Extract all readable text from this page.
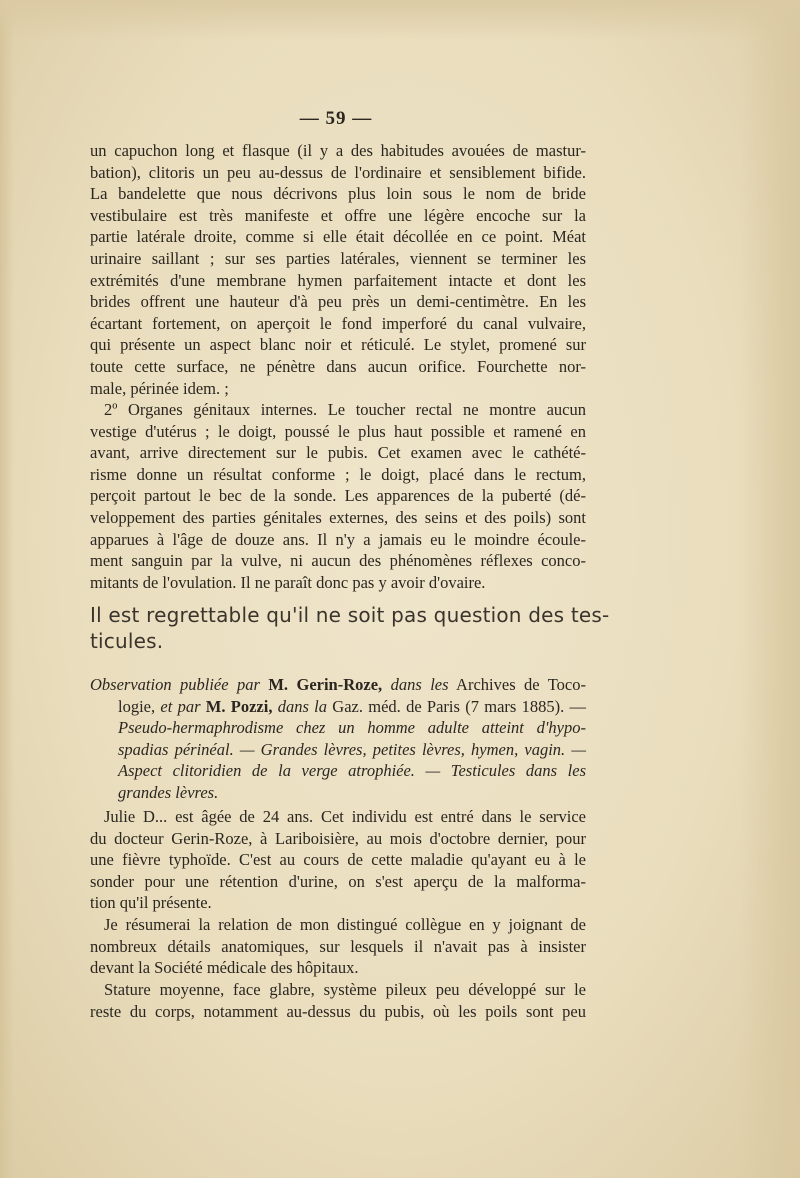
— 59 —
un capuchon long et flasque (il y a des habitudes avouées de mastur-
bation), clitoris un peu au-dessus de l'ordinaire et sensiblement bifide.
La bandelette que nous décrivons plus loin sous le nom de bride
vestibulaire est très manifeste et offre une légère encoche sur la
partie latérale droite, comme si elle était décollée en ce point. Méat
urinaire saillant ; sur ses parties latérales, viennent se terminer les
extrémités d'une membrane hymen parfaitement intacte et dont les
brides offrent une hauteur d'à peu près un demi-centimètre. En les
écartant fortement, on aperçoit le fond imperforé du canal vulvaire,
qui présente un aspect blanc noir et réticulé. Le stylet, promené sur
toute cette surface, ne pénètre dans aucun orifice. Fourchette nor-
male, périnée idem. ;
2º Organes génitaux internes. Le toucher rectal ne montre aucun
vestige d'utérus ; le doigt, poussé le plus haut possible et ramené en
avant, arrive directement sur le pubis. Cet examen avec le cathété-
risme donne un résultat conforme ; le doigt, placé dans le rectum,
perçoit partout le bec de la sonde. Les apparences de la puberté (dé-
veloppement des parties génitales externes, des seins et des poils) sont
apparues à l'âge de douze ans. Il n'y a jamais eu le moindre écoule-
ment sanguin par la vulve, ni aucun des phénomènes réflexes conco-
mitants de l'ovulation. Il ne paraît donc pas y avoir d'ovaire.
Il est regrettable qu'il ne soit pas question des tes-
ticules.
Observation publiée par M. Gerin-Roze, dans les Archives de Toco-
logie, et par M. Pozzi, dans la Gaz. méd. de Paris (7 mars 1885). —
Pseudo-hermaphrodisme chez un homme adulte atteint d'hypo-
spadias périnéal. — Grandes lèvres, petites lèvres, hymen, vagin. —
Aspect clitoridien de la verge atrophiée. — Testicules dans les
grandes lèvres.
Julie D... est âgée de 24 ans. Cet individu est entré dans le service
du docteur Gerin-Roze, à Lariboisière, au mois d'octobre dernier, pour
une fièvre typhoïde. C'est au cours de cette maladie qu'ayant eu à le
sonder pour une rétention d'urine, on s'est aperçu de la malforma-
tion qu'il présente.
Je résumerai la relation de mon distingué collègue en y joignant de
nombreux détails anatomiques, sur lesquels il n'avait pas à insister
devant la Société médicale des hôpitaux.
Stature moyenne, face glabre, système pileux peu développé sur le
reste du corps, notamment au-dessus du pubis, où les poils sont peu
